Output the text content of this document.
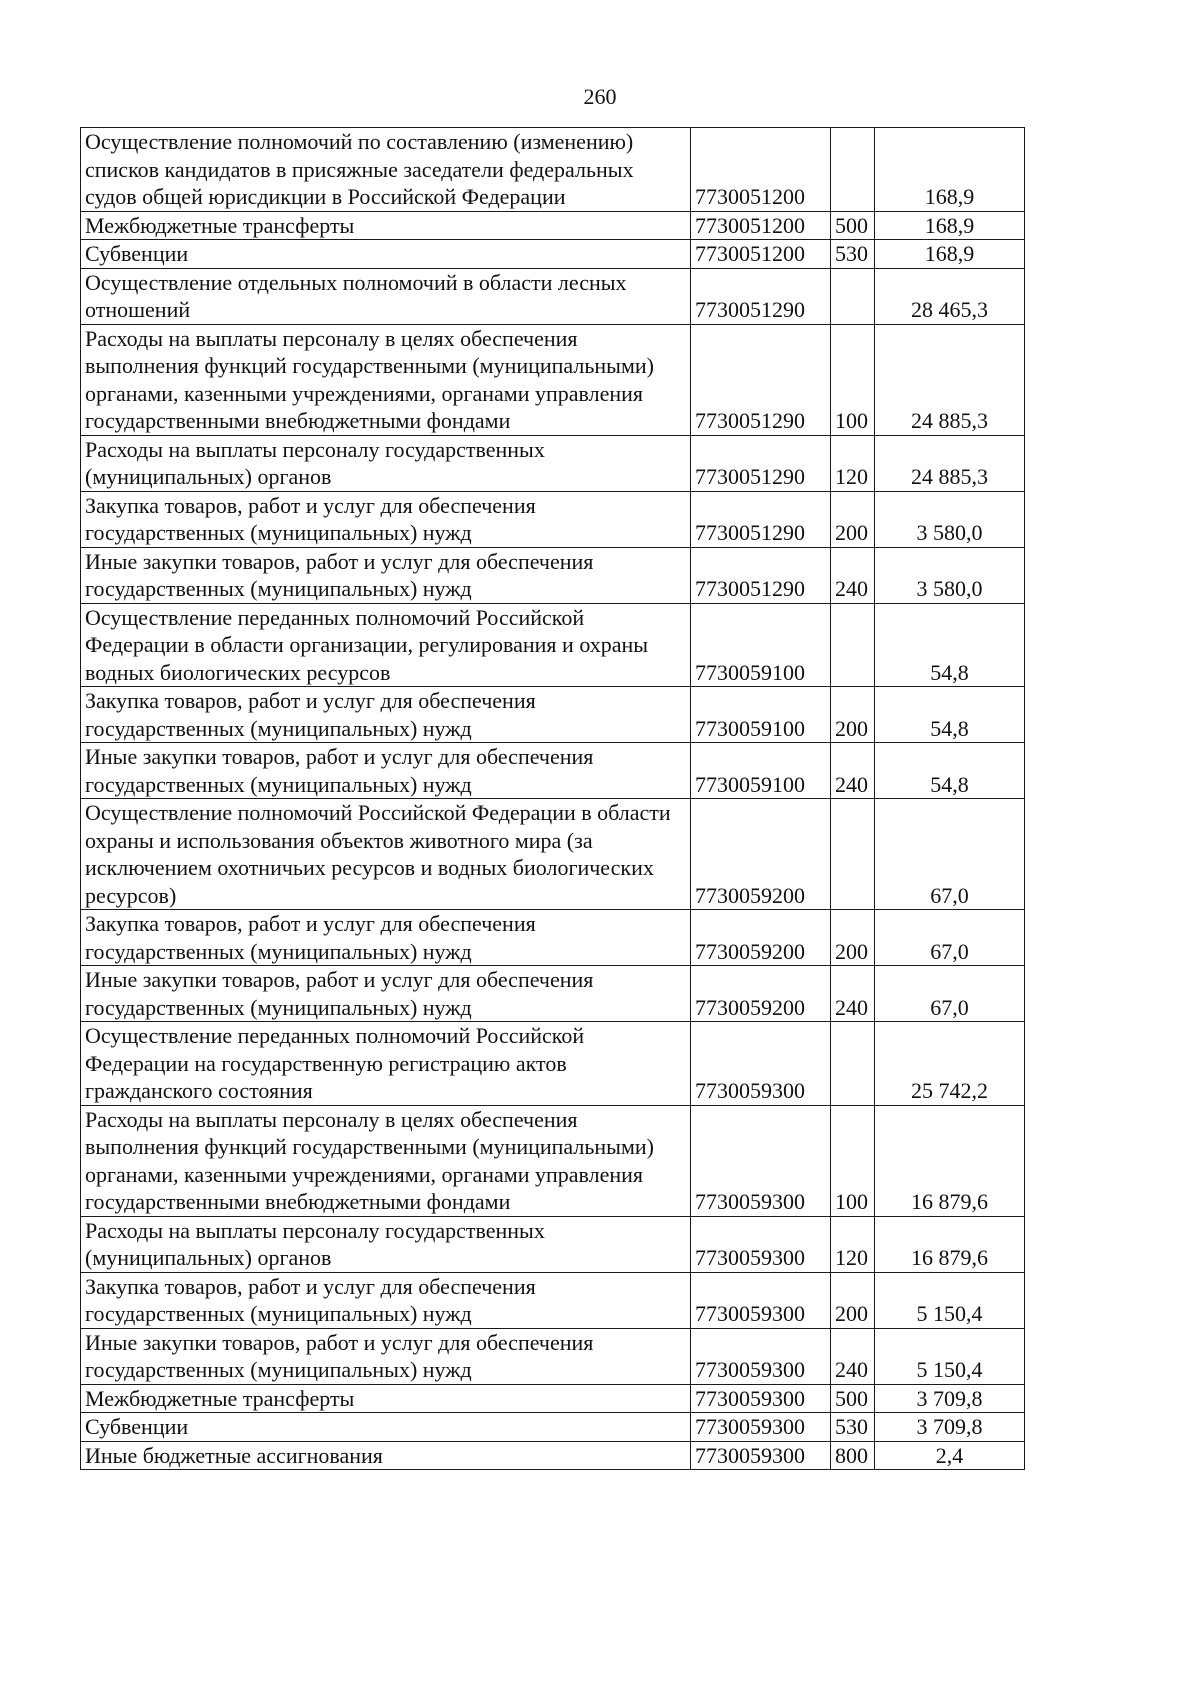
260
Осуществление полномочий по составлению (изменению) списков кандидатов в присяжные заседатели федеральных судов общей юрисдикции в Российской Федерации	7730051200		168,9
Межбюджетные трансферты	7730051200	500	168,9
Субвенции	7730051200	530	168,9
Осуществление отдельных полномочий в области лесных отношений	7730051290		28 465,3
Расходы на выплаты персоналу в целях обеспечения выполнения функций государственными (муниципальными) органами, казенными учреждениями, органами управления государственными внебюджетными фондами	7730051290	100	24 885,3
Расходы на выплаты персоналу государственных (муниципальных) органов	7730051290	120	24 885,3
Закупка товаров, работ и услуг для обеспечения государственных (муниципальных) нужд	7730051290	200	3 580,0
Иные закупки товаров, работ и услуг для обеспечения государственных (муниципальных) нужд	7730051290	240	3 580,0
Осуществление переданных полномочий Российской Федерации в области организации, регулирования и охраны водных биологических ресурсов	7730059100		54,8
Закупка товаров, работ и услуг для обеспечения государственных (муниципальных) нужд	7730059100	200	54,8
Иные закупки товаров, работ и услуг для обеспечения государственных (муниципальных) нужд	7730059100	240	54,8
Осуществление полномочий Российской Федерации в области охраны и использования объектов животного мира (за исключением охотничьих ресурсов и водных биологических ресурсов)	7730059200		67,0
Закупка товаров, работ и услуг для обеспечения государственных (муниципальных) нужд	7730059200	200	67,0
Иные закупки товаров, работ и услуг для обеспечения государственных (муниципальных) нужд	7730059200	240	67,0
Осуществление переданных полномочий Российской Федерации на государственную регистрацию актов гражданского состояния	7730059300		25 742,2
Расходы на выплаты персоналу в целях обеспечения выполнения функций государственными (муниципальными) органами, казенными учреждениями, органами управления государственными внебюджетными фондами	7730059300	100	16 879,6
Расходы на выплаты персоналу государственных (муниципальных) органов	7730059300	120	16 879,6
Закупка товаров, работ и услуг для обеспечения государственных (муниципальных) нужд	7730059300	200	5 150,4
Иные закупки товаров, работ и услуг для обеспечения государственных (муниципальных) нужд	7730059300	240	5 150,4
Межбюджетные трансферты	7730059300	500	3 709,8
Субвенции	7730059300	530	3 709,8
Иные бюджетные ассигнования	7730059300	800	2,4
